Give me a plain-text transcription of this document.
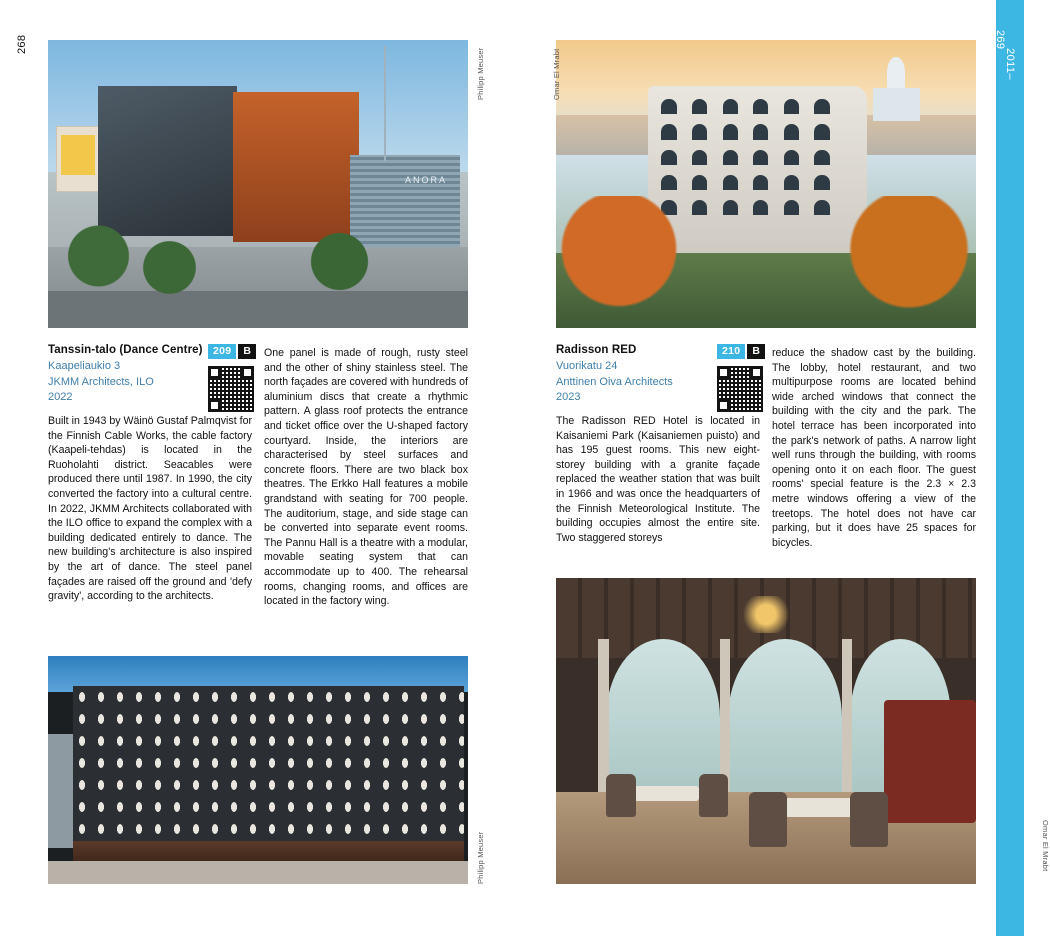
2011–
268
ANORA
Philipp Meuser
Tanssin-talo (Dance Centre)
Kaapeliaukio 3
JKMM Architects, ILO
2022
209	B
Built in 1943 by Wäinö Gustaf Palmqvist for the Finnish Cable Works, the cable factory (Kaapeli-tehdas) is located in the Ruoholahti district. Seacables were produced there until 1987. In 1990, the city converted the factory into a cultural centre. In 2022, JKMM Architects collaborated with the ILO office to expand the complex with a building dedicated entirely to dance. The new building's architecture is also inspired by the art of dance. The steel panel façades are raised off the ground and 'defy gravity', according to the architects.
One panel is made of rough, rusty steel and the other of shiny stainless steel. The north façades are covered with hundreds of aluminium discs that create a rhythmic pattern. A glass roof protects the entrance and ticket office over the U-shaped factory courtyard. Inside, the interiors are characterised by steel surfaces and concrete floors. There are two black box theatres. The Erkko Hall features a mobile grandstand with seating for 700 people. The auditorium, stage, and side stage can be converted into separate event rooms. The Pannu Hall is a theatre with a modular, movable seating system that can accommodate up to 400. The rehearsal rooms, changing rooms, and offices are located in the factory wing.
Philipp Meuser
Omar El Mrabt
Radisson RED
Vuorikatu 24
Anttinen Oiva Architects
2023
210	B
The Radisson RED Hotel is located in Kaisaniemi Park (Kaisaniemen puisto) and has 195 guest rooms. This new eight-storey building with a granite façade replaced the weather station that was built in 1966 and was once the headquarters of the Finnish Meteorological Institute. The building occupies almost the entire site. Two staggered storeys
reduce the shadow cast by the building. The lobby, hotel restaurant, and two multipurpose rooms are located behind wide arched windows that connect the building with the city and the park. The hotel terrace has been incorporated into the park's network of paths. A narrow light well runs through the building, with rooms opening onto it on each floor. The guest rooms' special feature is the 2.3 × 2.3 metre windows offering a view of the treetops. The hotel does not have car parking, but it does have 25 spaces for bicycles.
Omar El Mrabt
269
